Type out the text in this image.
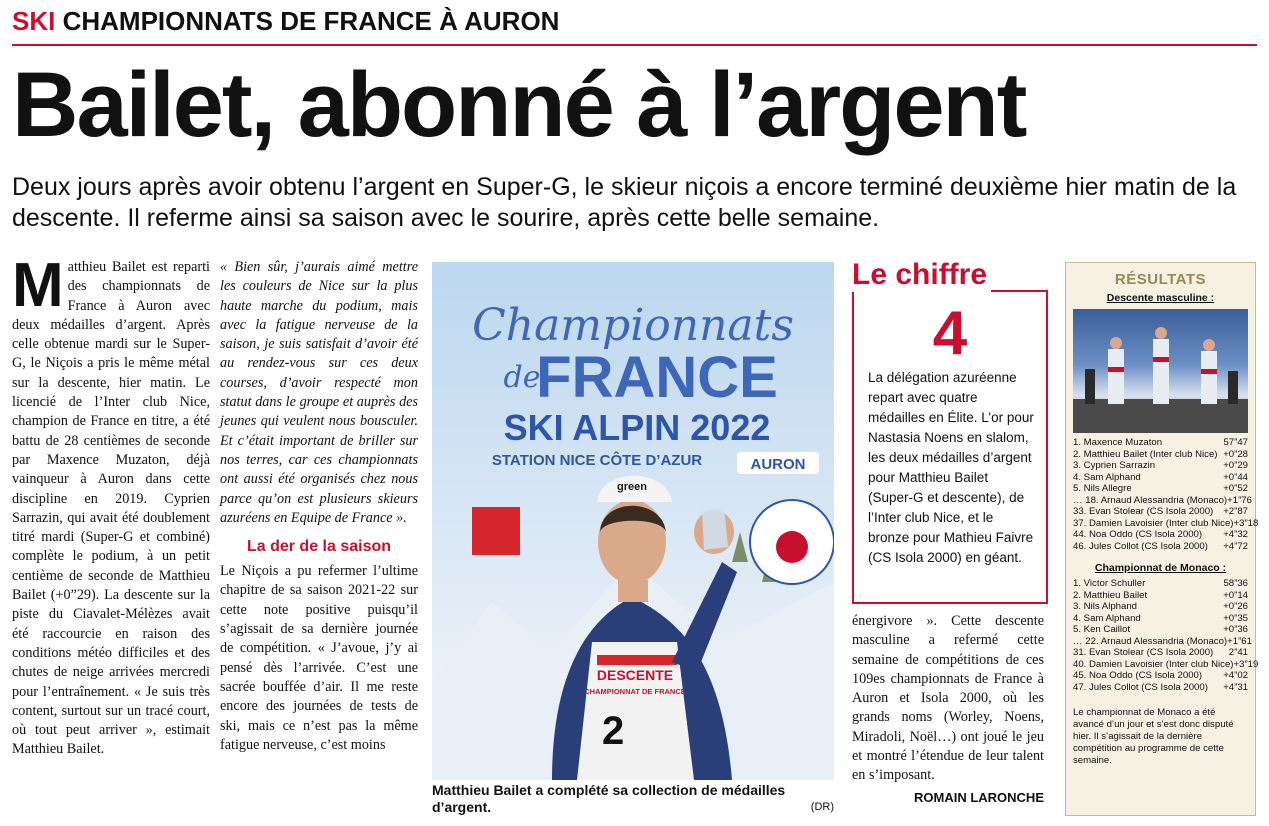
SKI CHAMPIONNATS DE FRANCE À AURON
Bailet, abonné à l’argent
Deux jours après avoir obtenu l’argent en Super-G, le skieur niçois a encore terminé deuxième hier matin de la descente. Il referme ainsi sa saison avec le sourire, après cette belle semaine.
M atthieu Bailet est reparti des championnats de France à Auron avec deux médailles d’argent. Après celle obtenue mardi sur le Super-G, le Niçois a pris le même métal sur la descente, hier matin. Le licencié de l’Inter club Nice, champion de France en titre, a été battu de 28 centièmes de seconde par Maxence Muzaton, déjà vainqueur à Auron dans cette discipline en 2019. Cyprien Sarrazin, qui avait été doublement titré mardi (Super-G et combiné) complète le podium, à un petit centième de seconde de Matthieu Bailet (+0”29). La descente sur la piste du Ciavalet-Mélèzes avait été raccourcie en raison des conditions météo difficiles et des chutes de neige arrivées mercredi pour l’entraînement. « Je suis très content, surtout sur un tracé court, où tout peut arriver », estimait Matthieu Bailet.
« Bien sûr, j’aurais aimé mettre les couleurs de Nice sur la plus haute marche du podium, mais avec la fatigue nerveuse de la saison, je suis satisfait d’avoir été au rendez-vous sur ces deux courses, d’avoir respecté mon statut dans le groupe et auprès des jeunes qui veulent nous bousculer. Et c’était important de briller sur nos terres, car ces championnats ont aussi été organisés chez nous parce qu’on est plusieurs skieurs azuréens en Equipe de France ».
La der de la saison
Le Niçois a pu refermer l’ultime chapitre de sa saison 2021-22 sur cette note positive puisqu’il s’agissait de sa dernière journée de compétition. « J’avoue, j’y ai pensé dès l’arrivée. C’est une sacrée bouffée d’air. Il me reste encore des journées de tests de ski, mais ce n’est pas la même fatigue nerveuse, c’est moins
Championnats
de
FRANCE
SKI ALPIN 2022
STATION NICE CÔTE D’AZUR	AURON
DESCENTE
CHAMPIONNAT DE FRANCE
2
green
Matthieu Bailet a complété sa collection de médailles d’argent.	(DR)
4
La délégation azuréenne repart avec quatre médailles en Élite. L’or pour Nastasia Noens en slalom, les deux médailles d’argent pour Matthieu Bailet (Super-G et descente), de l’Inter club Nice, et le bronze pour Mathieu Faivre (CS Isola 2000) en géant.
Le chiffre
énergivore ». Cette descente masculine a refermé cette semaine de compétitions de ces 109es championnats de France à Auron et Isola 2000, où les grands noms (Worley, Noens, Miradoli, Noël…) ont joué le jeu et montré l’étendue de leur talent en s’imposant.
ROMAIN LARONCHE
RÉSULTATS
Descente masculine :
1. Maxence Muzaton	57”47
2. Matthieu Bailet (Inter club Nice) +0”28
3. Cyprien Sarrazin	+0”29
4. Sam Alphand	+0”44
5. Nils Allegre	+0”52
… 18. Arnaud Alessandria (Monaco) +1”76
33. Evan Stolear (CS Isola 2000) +2”87
37. Damien Lavoisier (Inter club Nice) +3”18
44. Noa Oddo (CS Isola 2000) +4”32
46. Jules Collot (CS Isola 2000) +4”72
Championnat de Monaco :
1. Victor Schuller	58”36
2. Matthieu Bailet	+0”14
3. Nils Alphand	+0”26
4. Sam Alphand	+0”35
5. Ken Caillot	+0”36
… 22. Arnaud Alessandria (Monaco) +1”61
31. Evan Stolear (CS Isola 2000) 2”41
40. Damien Lavoisier (Inter club Nice) +3”19
45. Noa Oddo (CS Isola 2000) +4”02
47. Jules Collot (CS Isola 2000) +4”31
Le championnat de Monaco a été avancé d’un jour et s’est donc disputé hier. Il s’agissait de la dernière compétition au programme de cette semaine.
